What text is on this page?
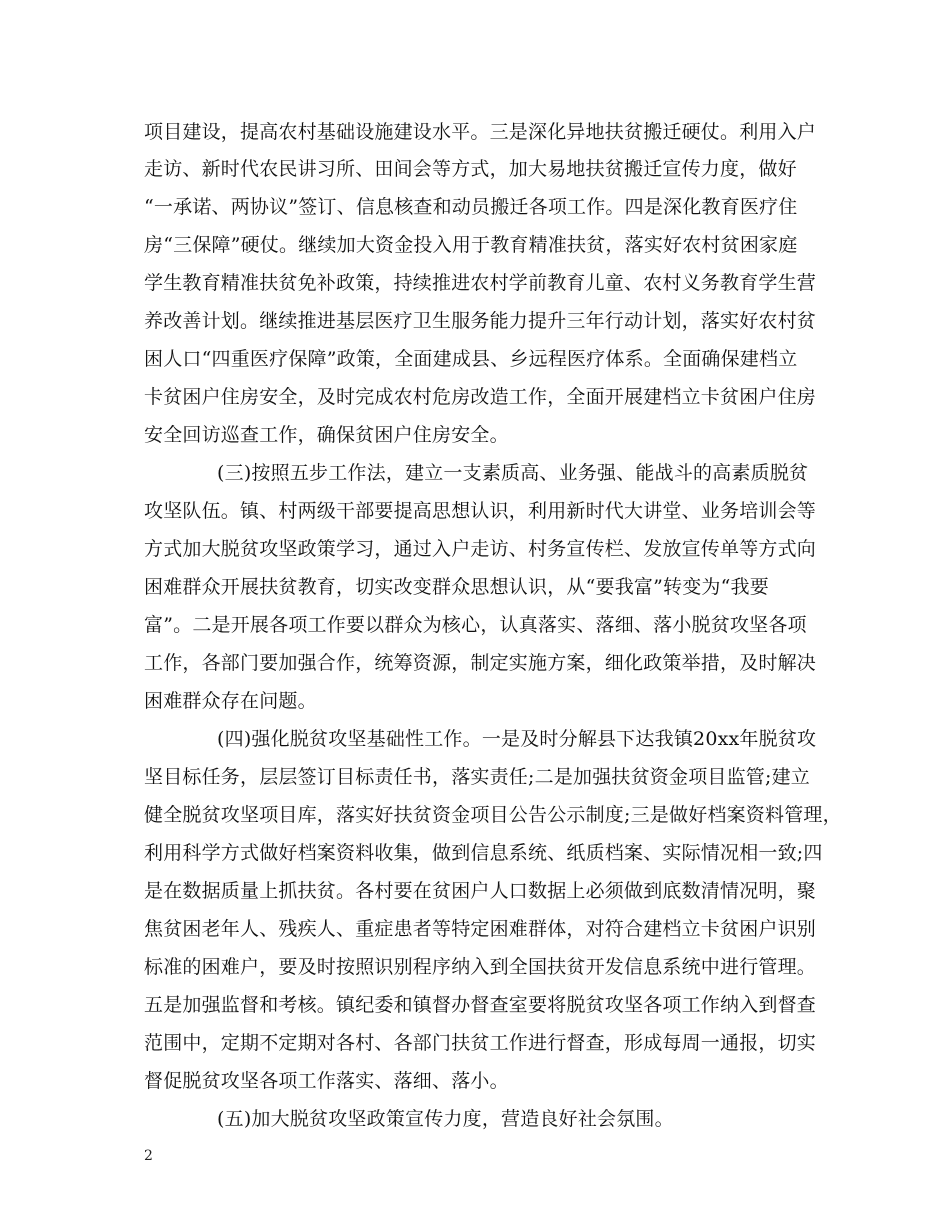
项目建设，提高农村基础设施建设水平。三是深化异地扶贫搬迁硬仗。利用入户
走访、新时代农民讲习所、田间会等方式，加大易地扶贫搬迁宣传力度，做好
“一承诺、两协议”签订、信息核查和动员搬迁各项工作。四是深化教育医疗住
房“三保障”硬仗。继续加大资金投入用于教育精准扶贫，落实好农村贫困家庭
学生教育精准扶贫免补政策，持续推进农村学前教育儿童、农村义务教育学生营
养改善计划。继续推进基层医疗卫生服务能力提升三年行动计划，落实好农村贫
困人口“四重医疗保障”政策，全面建成县、乡远程医疗体系。全面确保建档立
卡贫困户住房安全，及时完成农村危房改造工作，全面开展建档立卡贫困户住房
安全回访巡查工作，确保贫困户住房安全。
(三)按照五步工作法，建立一支素质高、业务强、能战斗的高素质脱贫
攻坚队伍。镇、村两级干部要提高思想认识，利用新时代大讲堂、业务培训会等
方式加大脱贫攻坚政策学习，通过入户走访、村务宣传栏、发放宣传单等方式向
困难群众开展扶贫教育，切实改变群众思想认识，从“要我富”转变为“我要
富”。二是开展各项工作要以群众为核心，认真落实、落细、落小脱贫攻坚各项
工作，各部门要加强合作，统筹资源，制定实施方案，细化政策举措，及时解决
困难群众存在问题。
(四)强化脱贫攻坚基础性工作。一是及时分解县下达我镇20xx年脱贫攻
坚目标任务，层层签订目标责任书，落实责任;二是加强扶贫资金项目监管;建立
健全脱贫攻坚项目库，落实好扶贫资金项目公告公示制度;三是做好档案资料管理，
利用科学方式做好档案资料收集，做到信息系统、纸质档案、实际情况相一致;四
是在数据质量上抓扶贫。各村要在贫困户人口数据上必须做到底数清情况明，聚
焦贫困老年人、残疾人、重症患者等特定困难群体，对符合建档立卡贫困户识别
标准的困难户，要及时按照识别程序纳入到全国扶贫开发信息系统中进行管理。
五是加强监督和考核。镇纪委和镇督办督查室要将脱贫攻坚各项工作纳入到督查
范围中，定期不定期对各村、各部门扶贫工作进行督查，形成每周一通报，切实
督促脱贫攻坚各项工作落实、落细、落小。
(五)加大脱贫攻坚政策宣传力度，营造良好社会氛围。
2
